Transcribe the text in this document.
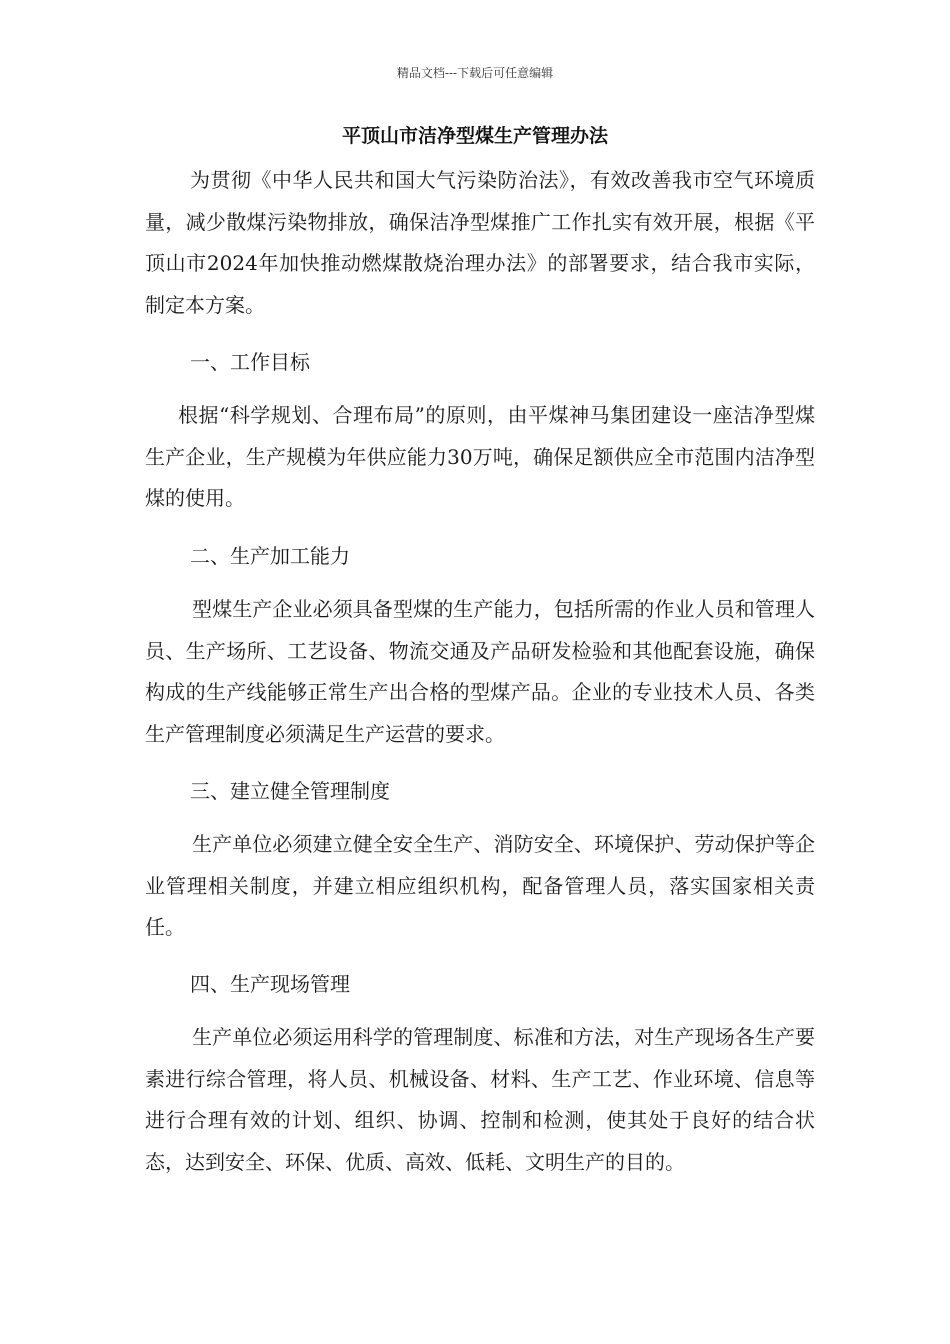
精品文档---下载后可任意编辑
平顶山市洁净型煤生产管理办法
为贯彻《中华人民共和国大气污染防治法》，有效改善我市空气环境质量，减少散煤污染物排放，确保洁净型煤推广工作扎实有效开展，根据《平顶山市2024年加快推动燃煤散烧治理办法》的部署要求，结合我市实际，制定本方案。
一、工作目标
根据“科学规划、合理布局”的原则，由平煤神马集团建设一座洁净型煤生产企业，生产规模为年供应能力30万吨，确保足额供应全市范围内洁净型煤的使用。
二、生产加工能力
型煤生产企业必须具备型煤的生产能力，包括所需的作业人员和管理人员、生产场所、工艺设备、物流交通及产品研发检验和其他配套设施，确保构成的生产线能够正常生产出合格的型煤产品。企业的专业技术人员、各类生产管理制度必须满足生产运营的要求。
三、建立健全管理制度
生产单位必须建立健全安全生产、消防安全、环境保护、劳动保护等企业管理相关制度，并建立相应组织机构，配备管理人员，落实国家相关责任。
四、生产现场管理
生产单位必须运用科学的管理制度、标准和方法，对生产现场各生产要素进行综合管理，将人员、机械设备、材料、生产工艺、作业环境、信息等进行合理有效的计划、组织、协调、控制和检测，使其处于良好的结合状态，达到安全、环保、优质、高效、低耗、文明生产的目的。
